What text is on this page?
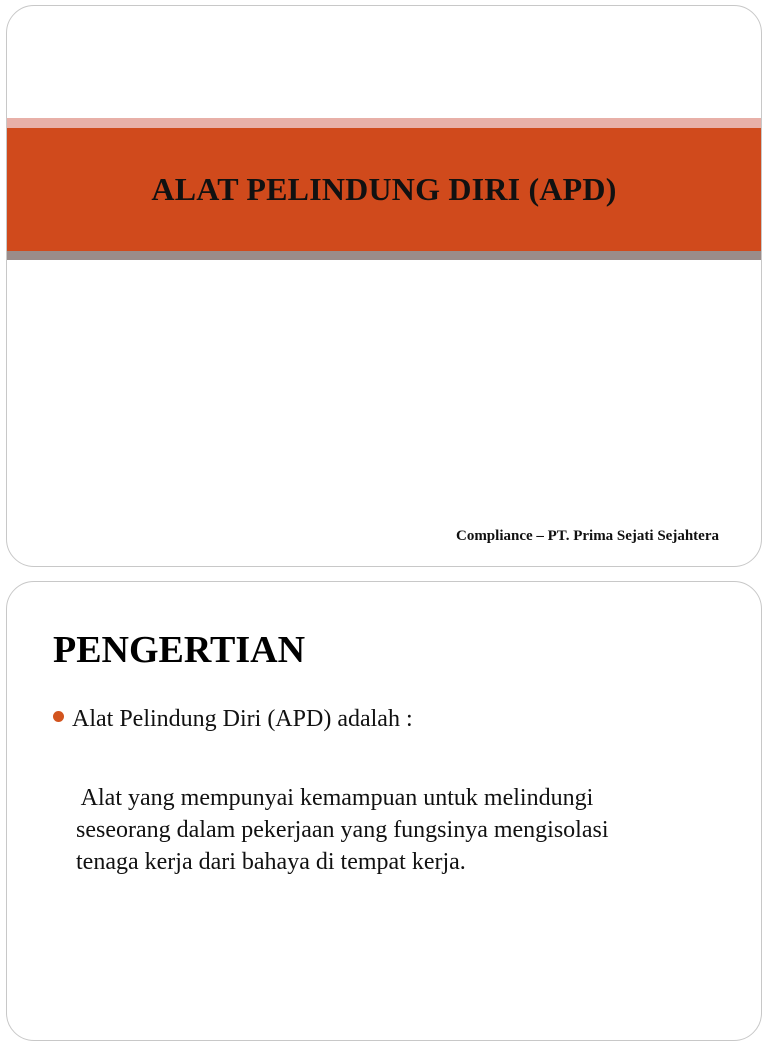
ALAT PELINDUNG DIRI (APD)
Compliance – PT. Prima Sejati Sejahtera
PENGERTIAN
Alat Pelindung Diri (APD) adalah :

Alat yang mempunyai kemampuan untuk melindungi
seseorang dalam pekerjaan yang fungsinya mengisolasi
tenaga kerja dari bahaya di tempat kerja.
